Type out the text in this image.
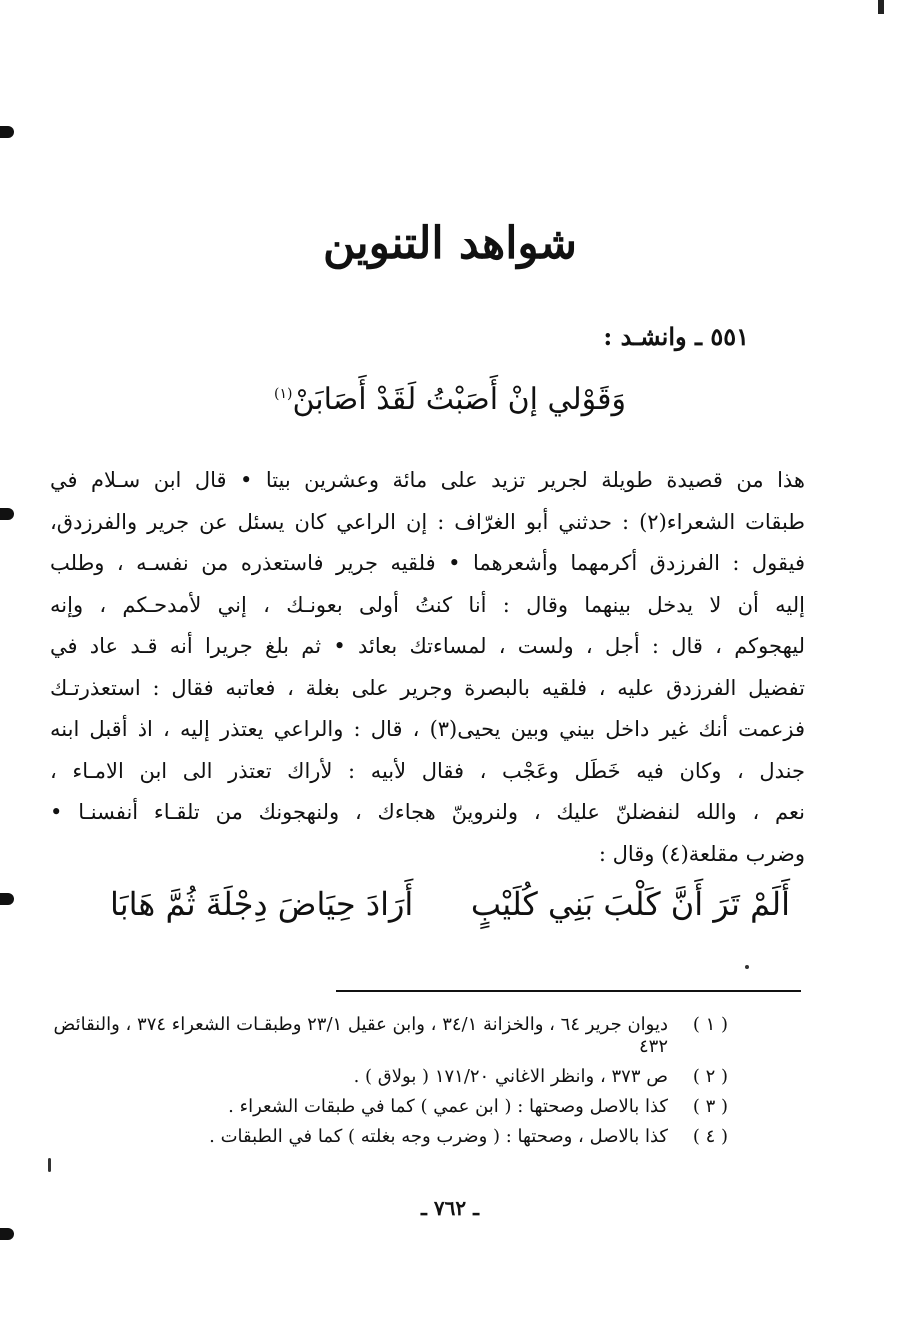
شواهد التنوين
٥٥١ ـ وانشـد :
وَقَوْلي إنْ أَصَبْتُ لَقَدْ أَصَابَنْ$^{(١)}$
هذا من قصيدة طويلة لجرير تزيد على مائة وعشرين بيتا • قال ابن سـلام في
طبقات الشعراء(٢) : حدثني أبو الغرّاف : إن الراعي كان يسئل عن جرير والفرزدق،
فيقول : الفرزدق أكرمهما وأشعرهما • فلقيه جرير فاستعذره من نفسـه ، وطلب
إليه أن لا يدخل بينهما وقال : أنا كنتُ أولى بعونـك ، إني لأمدحـكم ، وإنه
ليهجوكم ، قال : أجل ، ولست ، لمساءتك بعائد • ثم بلغ جريرا أنه قـد عاد في
تفضيل الفرزدق عليه ، فلقيه بالبصرة وجرير على بغلة ، فعاتبه فقال : استعذرتـك
فزعمت أنك غير داخل بيني وبين يحيى(٣) ، قال : والراعي يعتذر إليه ، اذ أقبل ابنه
جندل ، وكان فيه خَطَل وعَجْب ، فقال لأبيه : لأراك تعتذر الى ابن الامـاء ،
نعم ، والله لنفضلنّ عليك ، ولنروينّ هجاءك ، ولنهجونك من تلقـاء أنفسنـا •
وضرب مقلعة(٤) وقال :
أَلَمْ تَرَ أَنَّ كَلْبَ بَنِي كُلَيْبٍ
أَرَادَ حِيَاضَ دِجْلَةَ ثُمَّ هَابَا
( ١ )
ديوان جرير ٦٤ ، والخزانة ٣٤/١ ، وابن عقيل ٢٣/١ وطبقـات الشعراء ٣٧٤ ، والنقائض ٤٣٢
( ٢ )
ص ٣٧٣ ، وانظر الاغاني ١٧١/٢٠ ( بولاق ) .
( ٣ )
كذا بالاصل وصحتها : ( ابن عمي ) كما في طبقات الشعراء .
( ٤ )
كذا بالاصل ، وصحتها : ( وضرب وجه بغلته ) كما في الطبقات .
ـ ٧٦٢ ـ
